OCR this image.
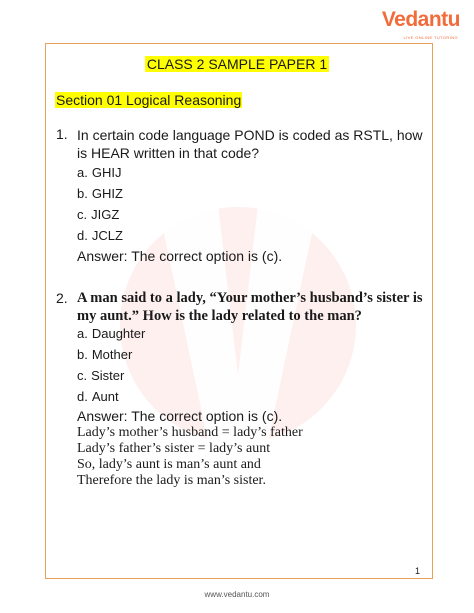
Vedantu
LIVE ONLINE TUTORING
CLASS 2 SAMPLE PAPER 1
Section 01 Logical Reasoning
1. In certain code language POND is coded as RSTL, how is HEAR written in that code?
a. GHIJ
b. GHIZ
c. JIGZ
d. JCLZ
Answer: The correct option is (c).
2. A man said to a lady, “Your mother’s husband’s sister is my aunt.” How is the lady related to the man?
a. Daughter
b. Mother
c. Sister
d. Aunt
Answer: The correct option is (c).
Lady’s mother’s husband = lady’s father
Lady’s father’s sister = lady’s aunt
So, lady’s aunt is man’s aunt and
Therefore the lady is man’s sister.
1
www.vedantu.com
